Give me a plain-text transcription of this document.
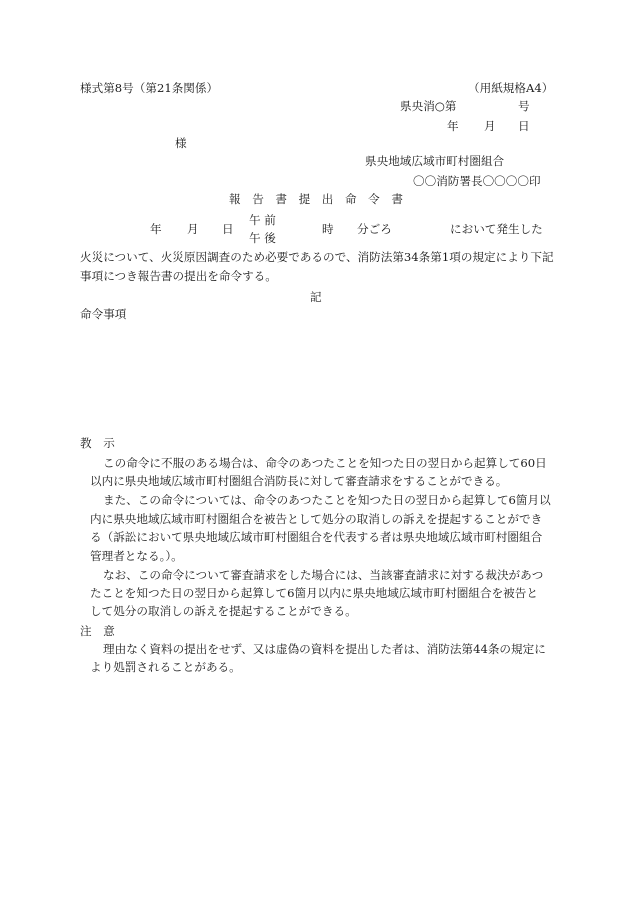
様式第8号（第21条関係）	（用紙規格A4）
県央消○第	号
年 月 日
様
県央地域広域市町村圏組合
〇〇消防署長〇〇〇〇印
報　告　書　提　出　命　令　書
年 月 日
午 前
午 後
時 分ごろ	において発生した
火災について、火災原因調査のため必要であるので、消防法第34条第1項の規定により下記
事項につき報告書の提出を命令する。
記
命令事項
教　示
この命令に不服のある場合は、命令のあつたことを知つた日の翌日から起算して60日
以内に県央地域広域市町村圏組合消防長に対して審査請求をすることができる。
また、この命令については、命令のあつたことを知つた日の翌日から起算して6箇月以
内に県央地域広域市町村圏組合を被告として処分の取消しの訴えを提起することができ
る（訴訟において県央地域広域市町村圏組合を代表する者は県央地域広域市町村圏組合
管理者となる。）。
なお、この命令について審査請求をした場合には、当該審査請求に対する裁決があつ
たことを知つた日の翌日から起算して6箇月以内に県央地域広域市町村圏組合を被告と
して処分の取消しの訴えを提起することができる。
注　意
理由なく資料の提出をせず、又は虚偽の資料を提出した者は、消防法第44条の規定に
より処罰されることがある。
